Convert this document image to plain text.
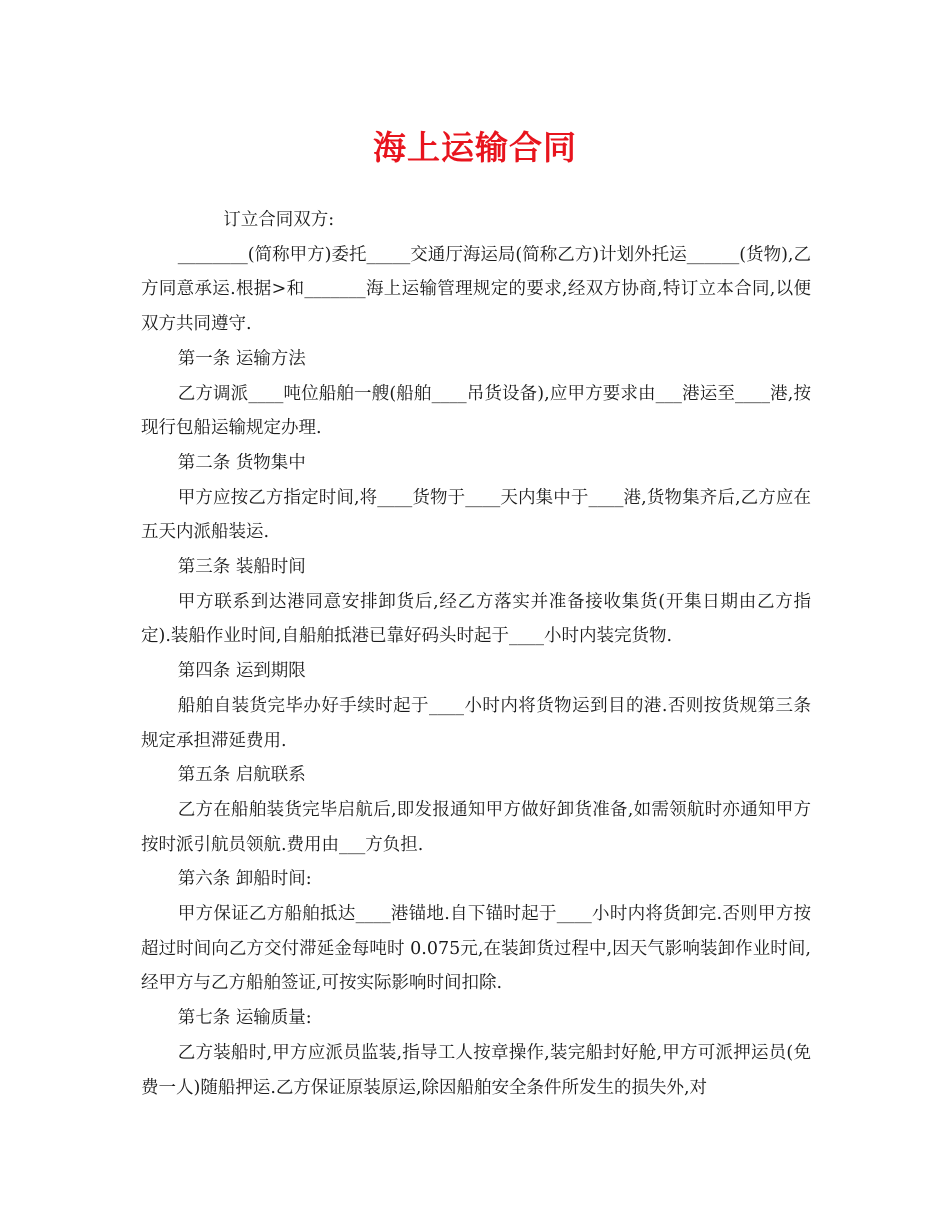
海上运输合同

订立合同双方:

________(简称甲方)委托_____交通厅海运局(简称乙方)计划外托运______(货物),乙方同意承运.根据>和_______海上运输管理规定的要求,经双方协商,特订立本合同,以便双方共同遵守.

第一条 运输方法

乙方调派____吨位船舶一艘(船舶____吊货设备),应甲方要求由___港运至____港,按现行包船运输规定办理.

第二条 货物集中

甲方应按乙方指定时间,将____货物于____天内集中于____港,货物集齐后,乙方应在五天内派船装运.

第三条 装船时间

甲方联系到达港同意安排卸货后,经乙方落实并准备接收集货(开集日期由乙方指定).装船作业时间,自船舶抵港已靠好码头时起于____小时内装完货物.

第四条 运到期限

船舶自装货完毕办好手续时起于____小时内将货物运到目的港.否则按货规第三条规定承担滞延费用.

第五条 启航联系

乙方在船舶装货完毕启航后,即发报通知甲方做好卸货准备,如需领航时亦通知甲方按时派引航员领航.费用由___方负担.

第六条 卸船时间:

甲方保证乙方船舶抵达____港锚地.自下锚时起于____小时内将货卸完.否则甲方按超过时间向乙方交付滞延金每吨时 0.075元,在装卸货过程中,因天气影响装卸作业时间,经甲方与乙方船舶签证,可按实际影响时间扣除.

第七条 运输质量:

乙方装船时,甲方应派员监装,指导工人按章操作,装完船封好舱,甲方可派押运员(免费一人)随船押运.乙方保证原装原运,除因船舶安全条件所发生的损失外,对
